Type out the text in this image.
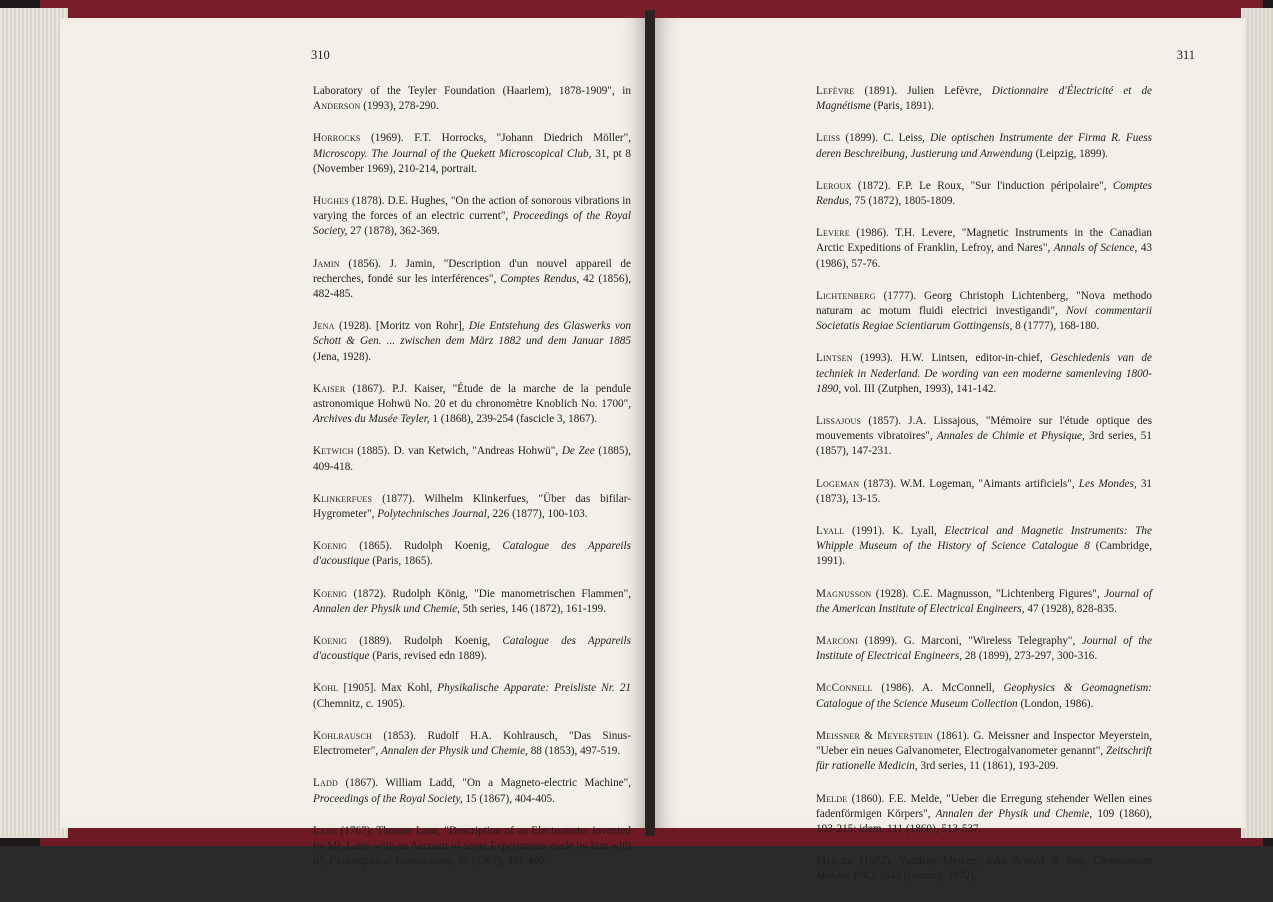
310
Laboratory of the Teyler Foundation (Haarlem), 1878-1909", in Anderson (1993), 278-290.
Horrocks (1969). F.T. Horrocks, "Johann Diedrich Möller", Microscopy. The Journal of the Quekett Microscopical Club, 31, pt 8 (November 1969), 210-214, portrait.
Hughes (1878). D.E. Hughes, "On the action of sonorous vibrations in varying the forces of an electric current", Proceedings of the Royal Society, 27 (1878), 362-369.
Jamin (1856). J. Jamin, "Description d'un nouvel appareil de recherches, fondé sur les interférences", Comptes Rendus, 42 (1856), 482-485.
Jena (1928). [Moritz von Rohr], Die Entstehung des Glaswerks von Schott & Gen. ... zwischen dem März 1882 und dem Januar 1885 (Jena, 1928).
Kaiser (1867). P.J. Kaiser, "Étude de la marche de la pendule astronomique Hohwü No. 20 et du chronomètre Knoblich No. 1700", Archives du Musée Teyler, 1 (1868), 239-254 (fascicle 3, 1867).
Ketwich (1885). D. van Ketwich, "Andreas Hohwü", De Zee (1885), 409-418.
Klinkerfues (1877). Wilhelm Klinkerfues, "Über das bifilar-Hygrometer", Polytechnisches Journal, 226 (1877), 100-103.
Koenig (1865). Rudolph Koenig, Catalogue des Appareils d'acoustique (Paris, 1865).
Koenig (1872). Rudolph König, "Die manometrischen Flammen", Annalen der Physik und Chemie, 5th series, 146 (1872), 161-199.
Koenig (1889). Rudolph Koenig, Catalogue des Appareils d'acoustique (Paris, revised edn 1889).
Kohl [1905]. Max Kohl, Physikalische Apparate: Preisliste Nr. 21 (Chemnitz, c. 1905).
Kohlrausch (1853). Rudolf H.A. Kohlrausch, "Das Sinus-Electrometer", Annalen der Physik und Chemie, 88 (1853), 497-519.
Ladd (1867). William Ladd, "On a Magneto-electric Machine", Proceedings of the Royal Society, 15 (1867), 404-405.
Lane (1767). Thomas Lane, "Description of an Electrometer invented by Mr. Lane; with an Account of some Experiments made by him with it", Philosophical Transactions, 57 (1767), 451-460.
311
Lefèvre (1891). Julien Lefèvre, Dictionnaire d'Électricité et de Magnétisme (Paris, 1891).
Leiss (1899). C. Leiss, Die optischen Instrumente der Firma R. Fuess deren Beschreibung, Justierung und Anwendung (Leipzig, 1899).
Leroux (1872). F.P. Le Roux, "Sur l'induction péripolaire", Comptes Rendus, 75 (1872), 1805-1809.
Levere (1986). T.H. Levere, "Magnetic Instruments in the Canadian Arctic Expeditions of Franklin, Lefroy, and Nares", Annals of Science, 43 (1986), 57-76.
Lichtenberg (1777). Georg Christoph Lichtenberg, "Nova methodo naturam ac motum fluidi electrici investigandi", Novi commentarii Societatis Regiae Scientiarum Gottingensis, 8 (1777), 168-180.
Lintsen (1993). H.W. Lintsen, editor-in-chief, Geschiedenis van de techniek in Nederland. De wording van een moderne samenleving 1800-1890, vol. III (Zutphen, 1993), 141-142.
Lissajous (1857). J.A. Lissajous, "Mémoire sur l'étude optique des mouvements vibratoires", Annales de Chimie et Physique, 3rd series, 51 (1857), 147-231.
Logeman (1873). W.M. Logeman, "Aimants artificiels", Les Mondes, 31 (1873), 13-15.
Lyall (1991). K. Lyall, Electrical and Magnetic Instruments: The Whipple Museum of the History of Science Catalogue 8 (Cambridge, 1991).
Magnusson (1928). C.E. Magnusson, "Lichtenberg Figures", Journal of the American Institute of Electrical Engineers, 47 (1928), 828-835.
Marconi (1899). G. Marconi, "Wireless Telegraphy", Journal of the Institute of Electrical Engineers, 28 (1899), 273-297, 300-316.
McConnell (1986). A. McConnell, Geophysics & Geomagnetism: Catalogue of the Science Museum Collection (London, 1986).
Meissner & Meyerstein (1861). G. Meissner and Inspector Meyerstein, "Ueber ein neues Galvanometer, Electrogalvanometer genannt", Zeitschrift für rationelle Medicin, 3rd series, 11 (1861), 193-209.
Melde (1860). F.E. Melde, "Ueber die Erregung stehender Wellen eines fadenförmigen Körpers", Annalen der Physik und Chemie, 109 (1860), 193-215; idem, 111 (1860), 513-537.
Mercer (1972). Vaudrey Mercer, John Arnold & Son, Chronometer Makers 1762-1843 (London, 1972).
